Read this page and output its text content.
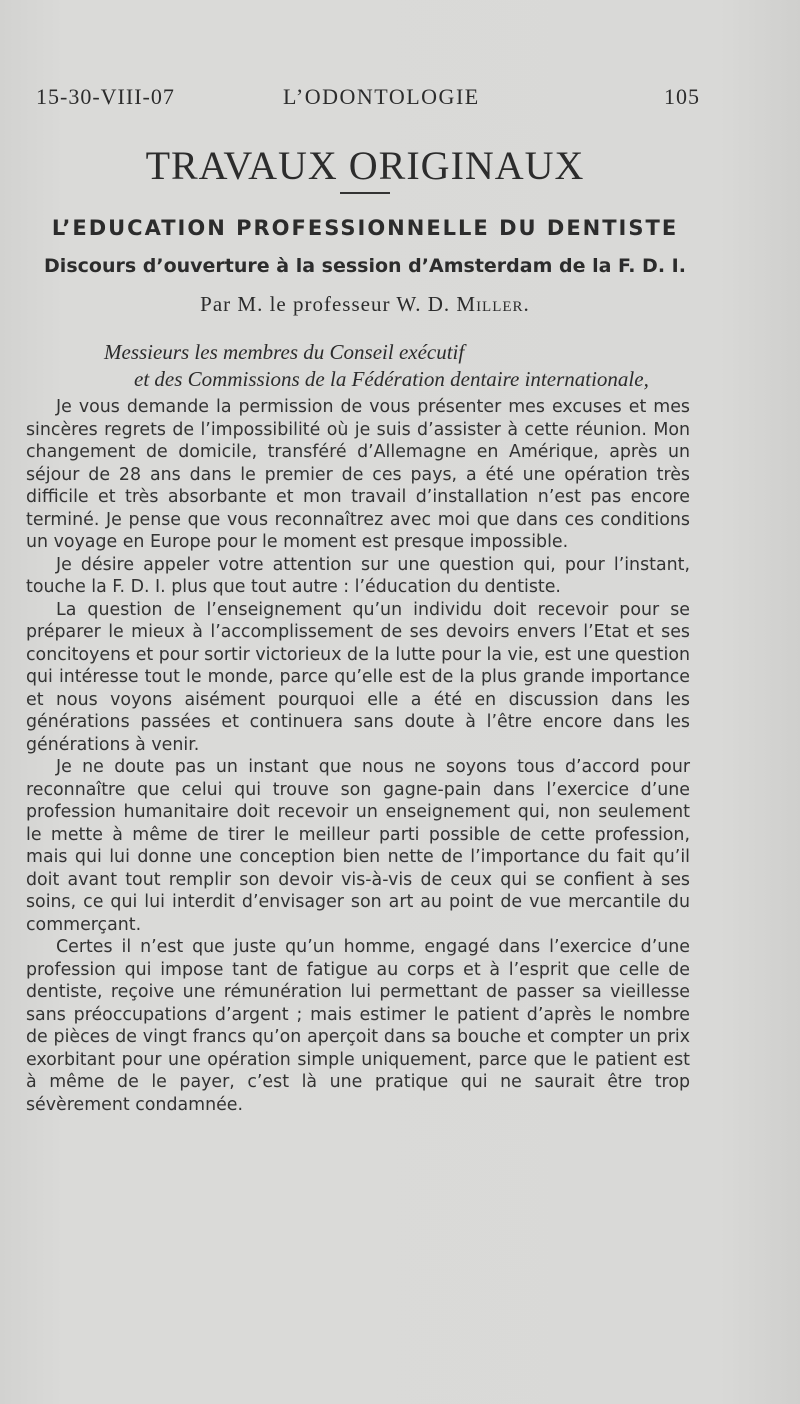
15-30-VIII-07	L’ODONTOLOGIE	105
TRAVAUX ORIGINAUX
L’EDUCATION PROFESSIONNELLE DU DENTISTE
Discours d’ouverture à la session d’Amsterdam de la F. D. I.
Par M. le professeur W. D. Miller.
Messieurs les membres du Conseil exécutif
et des Commissions de la Fédération dentaire internationale,

Je vous demande la permission de vous présenter mes excuses et mes sincères regrets de l’impossibilité où je suis d’assister à cette réunion. Mon changement de domicile, transféré d’Allemagne en Amérique, après un séjour de 28 ans dans le premier de ces pays, a été une opération très difficile et très absorbante et mon travail d’installation n’est pas encore terminé. Je pense que vous reconnaîtrez avec moi que dans ces conditions un voyage en Europe pour le moment est presque impossible.

Je désire appeler votre attention sur une question qui, pour l’instant, touche la F. D. I. plus que tout autre : l’éducation du dentiste.

La question de l’enseignement qu’un individu doit recevoir pour se préparer le mieux à l’accomplissement de ses devoirs envers l’Etat et ses concitoyens et pour sortir victorieux de la lutte pour la vie, est une question qui intéresse tout le monde, parce qu’elle est de la plus grande importance et nous voyons aisément pourquoi elle a été en discussion dans les générations passées et continuera sans doute à l’être encore dans les générations à venir.

Je ne doute pas un instant que nous ne soyons tous d’accord pour reconnaître que celui qui trouve son gagne-pain dans l’exercice d’une profession humanitaire doit recevoir un enseignement qui, non seulement le mette à même de tirer le meilleur parti possible de cette profession, mais qui lui donne une conception bien nette de l’importance du fait qu’il doit avant tout remplir son devoir vis-à-vis de ceux qui se confient à ses soins, ce qui lui interdit d’envisager son art au point de vue mercantile du commerçant.

Certes il n’est que juste qu’un homme, engagé dans l’exercice d’une profession qui impose tant de fatigue au corps et à l’esprit que celle de dentiste, reçoive une rémunération lui permettant de passer sa vieillesse sans préoccupations d’argent ; mais estimer le patient d’après le nombre de pièces de vingt francs qu’on aperçoit dans sa bouche et compter un prix exorbitant pour une opération simple uniquement, parce que le patient est à même de le payer, c’est là une pratique qui ne saurait être trop sévèrement condamnée.
